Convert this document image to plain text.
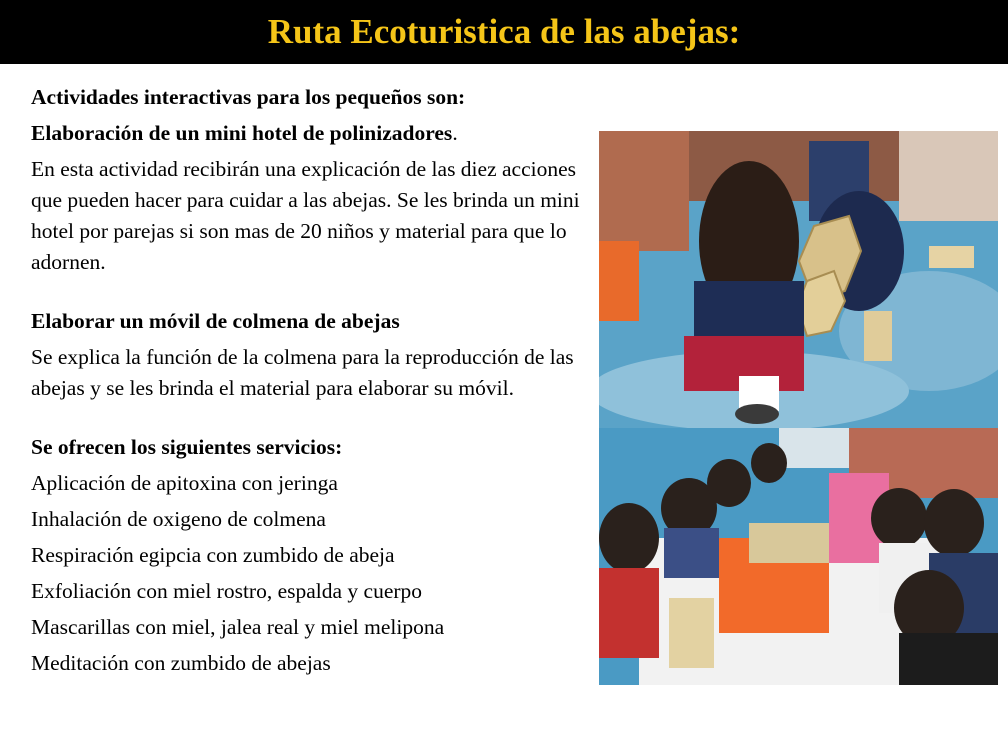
Ruta Ecoturistica de las abejas:

Actividades interactivas para los pequeños son:

Elaboración de un mini hotel de polinizadores.

En esta actividad recibirán una explicación de las diez acciones que pueden hacer para cuidar a las abejas. Se les brinda un mini hotel por parejas si son mas de 20 niños y material para que lo adornen.

Elaborar un móvil de colmena de abejas

Se explica la función de la colmena para la reproducción de las abejas y se les brinda el material para elaborar su móvil.

Se ofrecen los siguientes servicios:

Aplicación de apitoxina con jeringa

Inhalación de oxigeno de colmena

Respiración egipcia con zumbido de abeja

Exfoliación con miel rostro, espalda y cuerpo

Mascarillas con miel, jalea real y miel melipona

Meditación con zumbido de abejas
